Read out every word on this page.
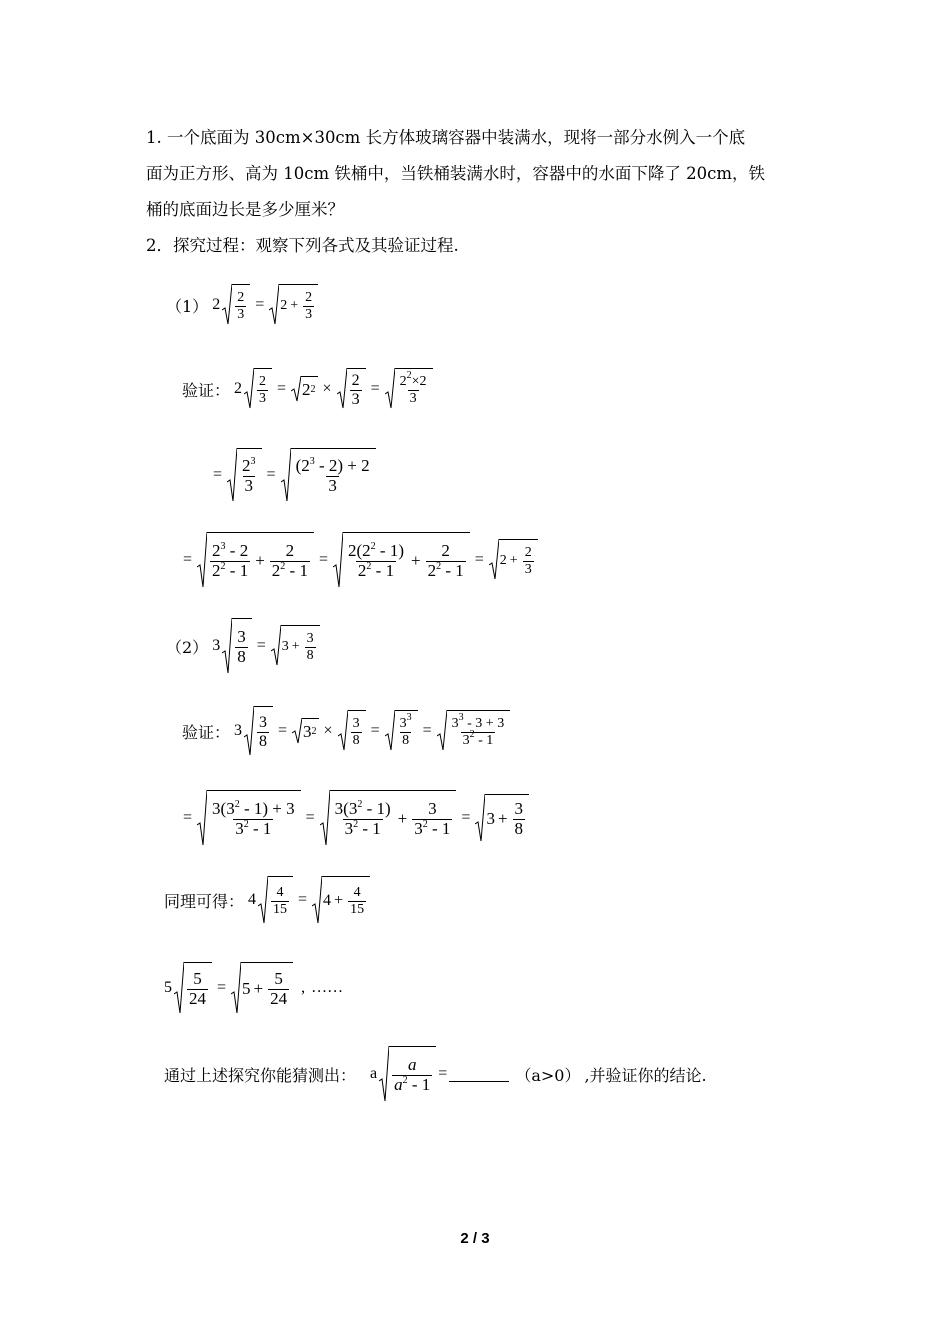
1. 一个底面为 30cm×30cm 长方体玻璃容器中装满水，现将一部分水例入一个底
面为正方形、高为 10cm 铁桶中，当铁桶装满水时，容器中的水面下降了 20cm，铁
桶的底面边长是多少厘米？
2．探究过程：观察下列各式及其验证过程.
（1） 2 2
3
= $2 + \frac{2}{3}$
验证： 2 2
3
= 2 2 × 2
3
= $2^2\times 2$
3
= $2^3$
3
= $(2^3 - 2) + 2$
3
= $2^3 - 2$
$2^2 - 1 + \frac{2}{2^2 - 1} = 2(2^2 - 1)$
$2^2 - 1 + \frac{2}{2^2 - 1} = 2 + \frac{2}{3}$
（2） 3 3
8
= $3 + \frac{3}{8}$
验证： 3 3
8
= 3 2 × 3
8
= $3^3$
8
= $3^3 - 3 + 3$
$3^2 - 1$
= $3(3^2 - 1) + 3$
$3^2 - 1$
= $3(3^2 - 1)$
$3^2 - 1 + \frac{3}{3^2 - 1} = 3 + \frac{3}{8}$
同理可得： 4 4
15
= $4 + \frac{4}{15}$
5 5
24
= $5 + \frac{5}{24}$ , ……
通过上述探究你能猜测出： a a
$a^2 - 1$
=	（a>0） ,并验证你的结论.
2 / 3
